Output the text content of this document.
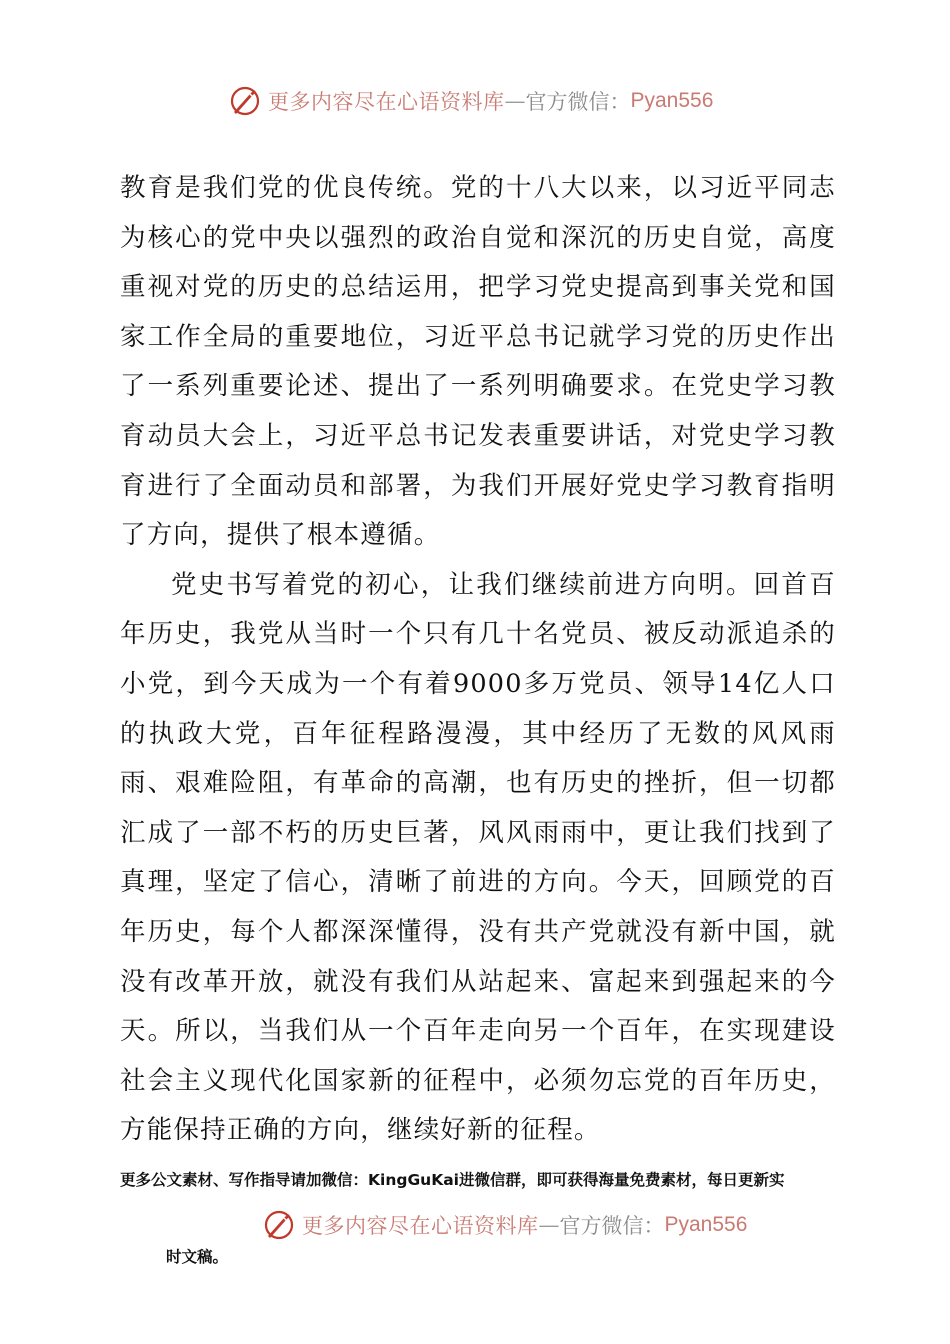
更多内容尽在心语资料库 — 官方微信： Pyan556

教育是我们党的优良传统。党的十八大以来，以习近平同志为核心的党中央以强烈的政治自觉和深沉的历史自觉，高度重视对党的历史的总结运用，把学习党史提高到事关党和国家工作全局的重要地位，习近平总书记就学习党的历史作出了一系列重要论述、提出了一系列明确要求。在党史学习教育动员大会上，习近平总书记发表重要讲话，对党史学习教育进行了全面动员和部署，为我们开展好党史学习教育指明了方向，提供了根本遵循。

党史书写着党的初心，让我们继续前进方向明。回首百年历史，我党从当时一个只有几十名党员、被反动派追杀的小党，到今天成为一个有着9000多万党员、领导14亿人口的执政大党，百年征程路漫漫，其中经历了无数的风风雨雨、艰难险阻，有革命的高潮，也有历史的挫折，但一切都汇成了一部不朽的历史巨著，风风雨雨中，更让我们找到了真理，坚定了信心，清晰了前进的方向。今天，回顾党的百年历史，每个人都深深懂得，没有共产党就没有新中国，就没有改革开放，就没有我们从站起来、富起来到强起来的今天。所以，当我们从一个百年走向另一个百年，在实现建设社会主义现代化国家新的征程中，必须勿忘党的百年历史，方能保持正确的方向，继续好新的征程。

更多公文素材、写作指导请加微信：KingGuKai进微信群，即可获得海量免费素材，每日更新实
更多内容尽在心语资料库 — 官方微信： Pyan556
时文稿。
